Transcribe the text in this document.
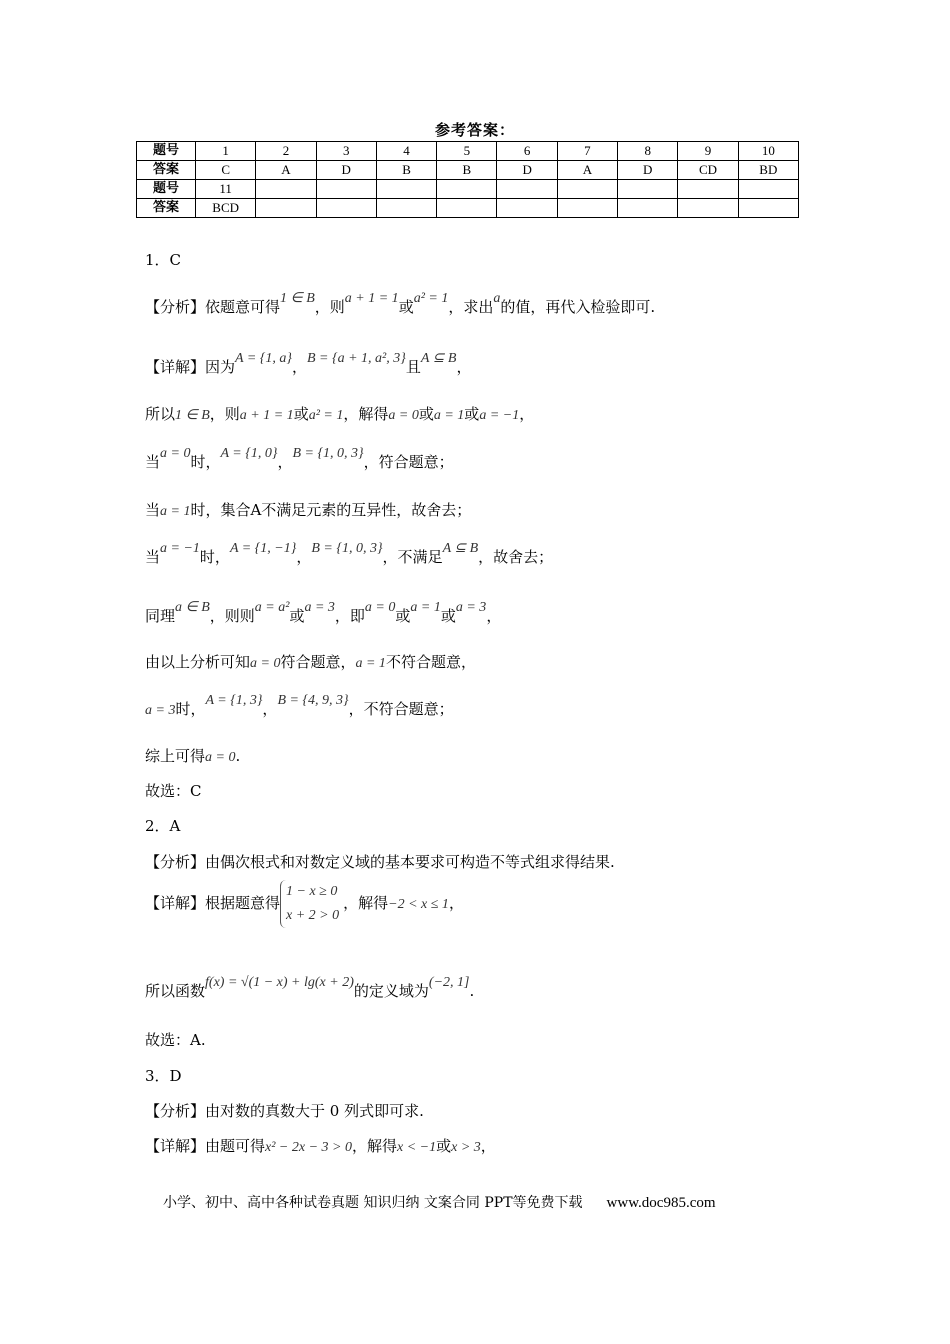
参考答案：
题号	1	2	3	4	5	6	7	8	9	10
答案	C	A	D	B	B	D	A	D	CD	BD
题号	11									
答案	BCD									
1．C
【分析】依题意可得1 ∈ B，则a + 1 = 1或a² = 1，求出a的值，再代入检验即可.
【详解】因为A = {1, a}，B = {a + 1, a², 3}且A ⊆ B，
所以1 ∈ B，则a + 1 = 1或a² = 1，解得a = 0或a = 1或a = −1，
当a = 0时，A = {1, 0}，B = {1, 0, 3}，符合题意；
当a = 1时，集合A不满足元素的互异性，故舍去；
当a = −1时，A = {1, −1}，B = {1, 0, 3}，不满足A ⊆ B，故舍去；
同理a ∈ B，则则a = a²或a = 3，即a = 0或a = 1或a = 3，
由以上分析可知a = 0符合题意，a = 1不符合题意，
a = 3时，A = {1, 3}，B = {4, 9, 3}，不符合题意；
综上可得a = 0.
故选：C
2．A
【分析】由偶次根式和对数定义域的基本要求可构造不等式组求得结果.
【详解】根据题意得
1 − x ≥ 0
x + 2 > 0
，解得−2 < x ≤ 1，
所以函数f(x) = √(1 − x) + lg(x + 2)的定义域为(−2, 1].
故选：A.
3．D
【分析】由对数的真数大于 0 列式即可求.
【详解】由题可得x² − 2x − 3 > 0，解得x < −1或x > 3，
小学、初中、高中各种试卷真题 知识归纳 文案合同 PPT等免费下载 www.doc985.com
